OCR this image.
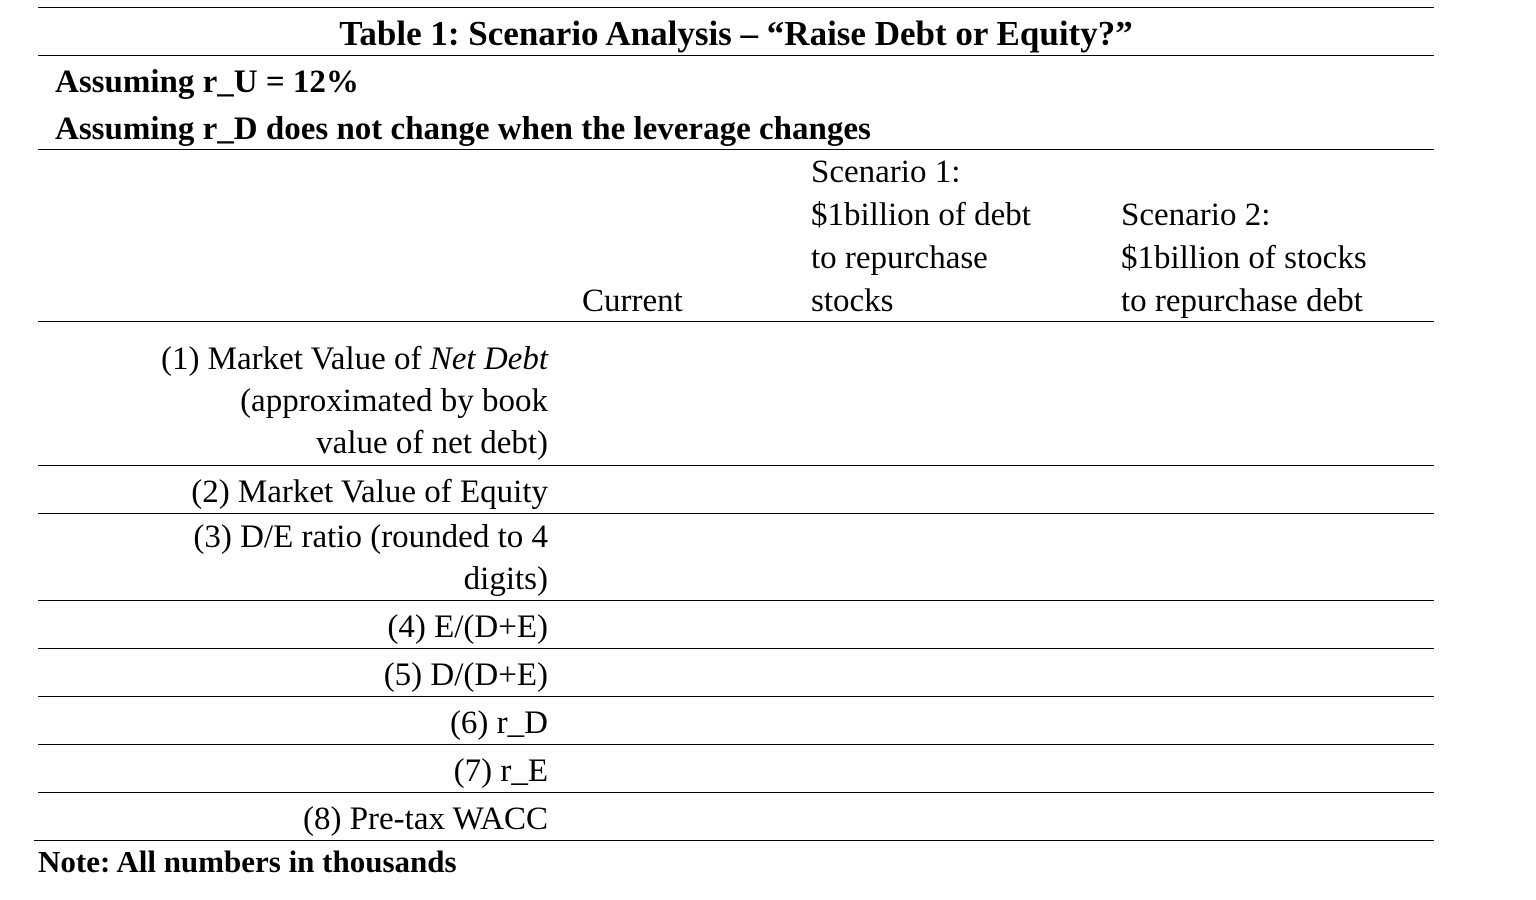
Table 1: Scenario Analysis – “Raise Debt or Equity?”
Assuming r_U = 12%
Assuming r_D does not change when the leverage changes
Current
Scenario 1:
$1billion of debt
to repurchase
stocks
Scenario 2:
$1billion of stocks
to repurchase debt
(1) Market Value of Net Debt
(approximated by book
value of net debt)
(2) Market Value of Equity
(3) D/E ratio (rounded to 4
digits)
(4) E/(D+E)
(5) D/(D+E)
(6) r_D
(7) r_E
(8) Pre-tax WACC
Note: All numbers in thousands
